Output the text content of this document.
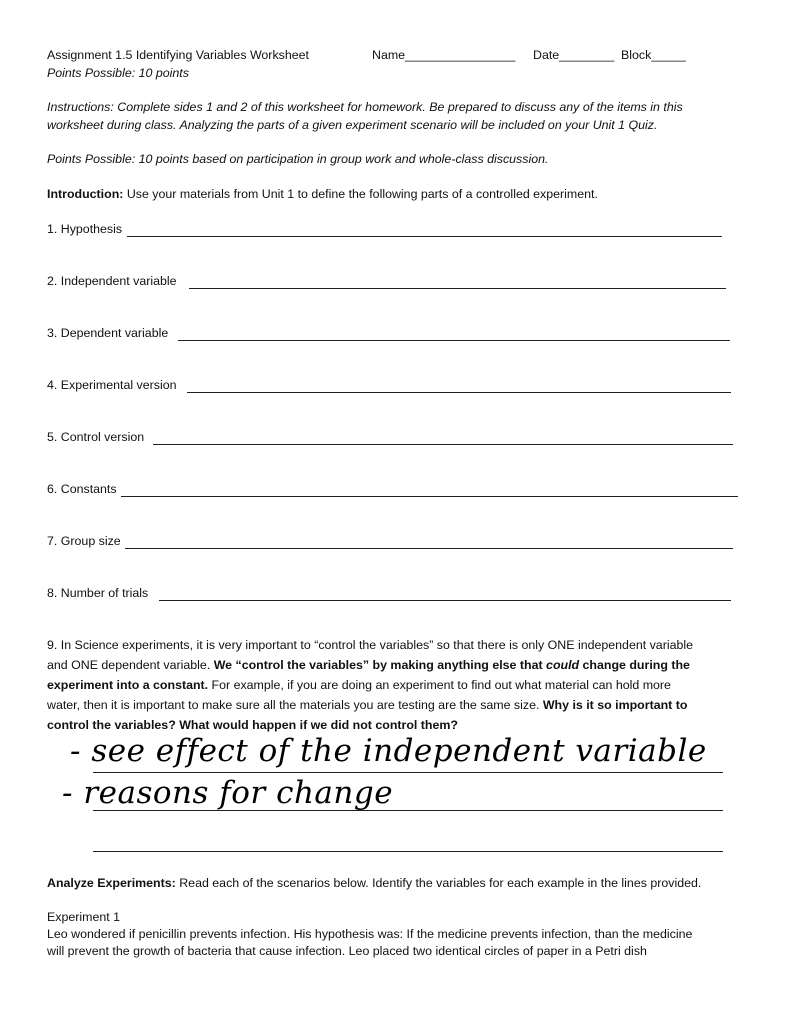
Assignment 1.5 Identifying Variables Worksheet	Name________________ Date________ Block_____
Points Possible: 10 points
Instructions: Complete sides 1 and 2 of this worksheet for homework. Be prepared to discuss any of the items in this
worksheet during class. Analyzing the parts of a given experiment scenario will be included on your Unit 1 Quiz.
Points Possible: 10 points based on participation in group work and whole-class discussion.
Introduction: Use your materials from Unit 1 to define the following parts of a controlled experiment.
1. Hypothesis
2. Independent variable
3. Dependent variable
4. Experimental version
5. Control version
6. Constants
7. Group size
8. Number of trials
9. In Science experiments, it is very important to “control the variables” so that there is only ONE independent variable
and ONE dependent variable. We “control the variables” by making anything else that could change during the
experiment into a constant. For example, if you are doing an experiment to find out what material can hold more
water, then it is important to make sure all the materials you are testing are the same size. Why is it so important to
control the variables? What would happen if we did not control them?
- see effect of the independent variable
- reasons for change
Analyze Experiments: Read each of the scenarios below. Identify the variables for each example in the lines provided.
Experiment 1
Leo wondered if penicillin prevents infection. His hypothesis was: If the medicine prevents infection, than the medicine
will prevent the growth of bacteria that cause infection. Leo placed two identical circles of paper in a Petri dish
